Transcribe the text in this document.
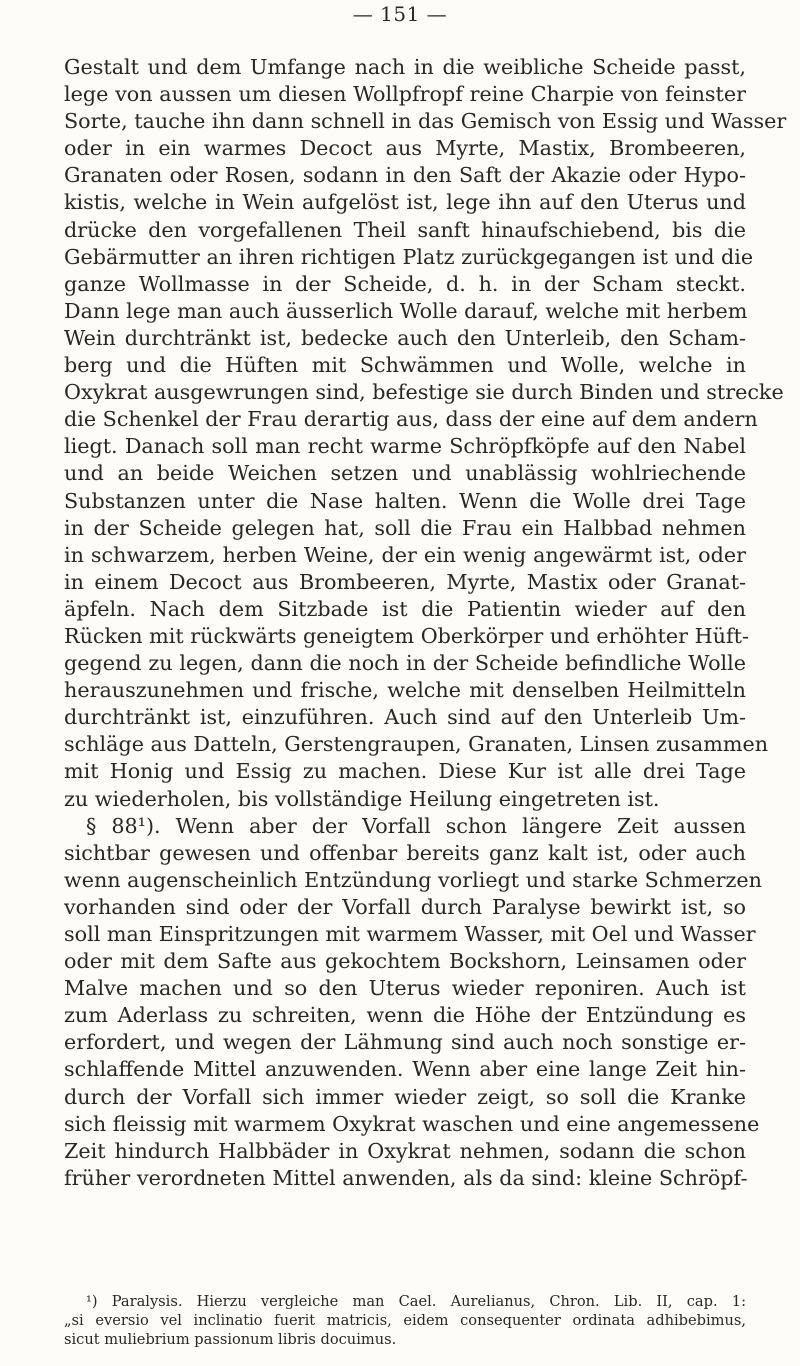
— 151 —
Gestalt und dem Umfange nach in die weibliche Scheide passt,
lege von aussen um diesen Wollpfropf reine Charpie von feinster
Sorte, tauche ihn dann schnell in das Gemisch von Essig und Wasser
oder in ein warmes Decoct aus Myrte, Mastix, Brombeeren,
Granaten oder Rosen, sodann in den Saft der Akazie oder Hypo-
kistis, welche in Wein aufgelöst ist, lege ihn auf den Uterus und
drücke den vorgefallenen Theil sanft hinaufschiebend, bis die
Gebärmutter an ihren richtigen Platz zurückgegangen ist und die
ganze Wollmasse in der Scheide, d. h. in der Scham steckt.
Dann lege man auch äusserlich Wolle darauf, welche mit herbem
Wein durchtränkt ist, bedecke auch den Unterleib, den Scham-
berg und die Hüften mit Schwämmen und Wolle, welche in
Oxykrat ausgewrungen sind, befestige sie durch Binden und strecke
die Schenkel der Frau derartig aus, dass der eine auf dem andern
liegt. Danach soll man recht warme Schröpfköpfe auf den Nabel
und an beide Weichen setzen und unablässig wohlriechende
Substanzen unter die Nase halten. Wenn die Wolle drei Tage
in der Scheide gelegen hat, soll die Frau ein Halbbad nehmen
in schwarzem, herben Weine, der ein wenig angewärmt ist, oder
in einem Decoct aus Brombeeren, Myrte, Mastix oder Granat-
äpfeln. Nach dem Sitzbade ist die Patientin wieder auf den
Rücken mit rückwärts geneigtem Oberkörper und erhöhter Hüft-
gegend zu legen, dann die noch in der Scheide befindliche Wolle
herauszunehmen und frische, welche mit denselben Heilmitteln
durchtränkt ist, einzuführen. Auch sind auf den Unterleib Um-
schläge aus Datteln, Gerstengraupen, Granaten, Linsen zusammen
mit Honig und Essig zu machen. Diese Kur ist alle drei Tage
zu wiederholen, bis vollständige Heilung eingetreten ist.
§ 88¹). Wenn aber der Vorfall schon längere Zeit aussen
sichtbar gewesen und offenbar bereits ganz kalt ist, oder auch
wenn augenscheinlich Entzündung vorliegt und starke Schmerzen
vorhanden sind oder der Vorfall durch Paralyse bewirkt ist, so
soll man Einspritzungen mit warmem Wasser, mit Oel und Wasser
oder mit dem Safte aus gekochtem Bockshorn, Leinsamen oder
Malve machen und so den Uterus wieder reponiren. Auch ist
zum Aderlass zu schreiten, wenn die Höhe der Entzündung es
erfordert, und wegen der Lähmung sind auch noch sonstige er-
schlaffende Mittel anzuwenden. Wenn aber eine lange Zeit hin-
durch der Vorfall sich immer wieder zeigt, so soll die Kranke
sich fleissig mit warmem Oxykrat waschen und eine angemessene
Zeit hindurch Halbbäder in Oxykrat nehmen, sodann die schon
früher verordneten Mittel anwenden, als da sind: kleine Schröpf-
¹) Paralysis. Hierzu vergleiche man Cael. Aurelianus, Chron. Lib. II, cap. 1:
„si eversio vel inclinatio fuerit matricis, eidem consequenter ordinata adhibebimus,
sicut muliebrium passionum libris docuimus.
